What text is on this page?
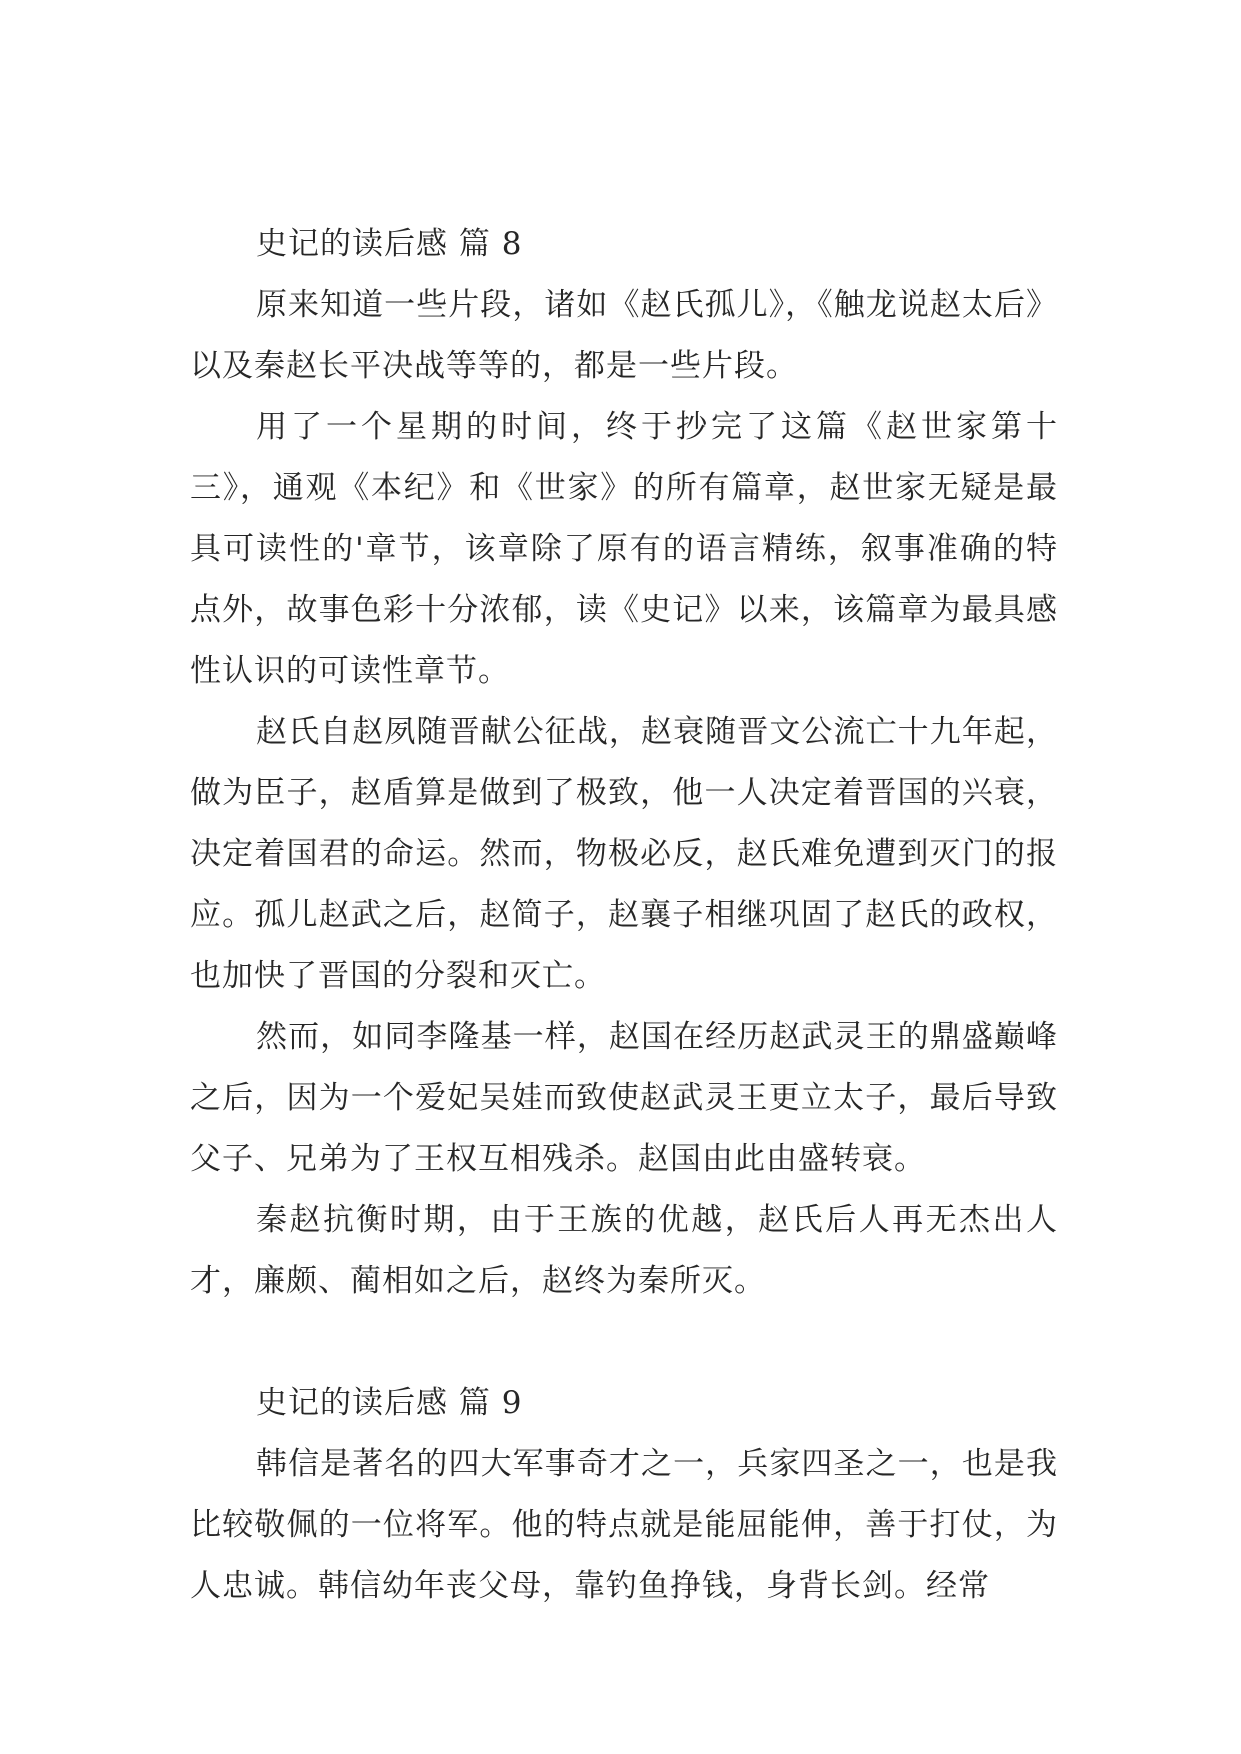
史记的读后感 篇 8

原来知道一些片段，诸如《赵氏孤儿》，《触龙说赵太后》以及秦赵长平决战等等的，都是一些片段。

用了一个星期的时间，终于抄完了这篇《赵世家第十三》，通观《本纪》和《世家》的所有篇章，赵世家无疑是最具可读性的'章节，该章除了原有的语言精练，叙事准确的特点外，故事色彩十分浓郁，读《史记》以来，该篇章为最具感性认识的可读性章节。

赵氏自赵夙随晋献公征战，赵衰随晋文公流亡十九年起，做为臣子，赵盾算是做到了极致，他一人决定着晋国的兴衰，决定着国君的命运。然而，物极必反，赵氏难免遭到灭门的报应。孤儿赵武之后，赵简子，赵襄子相继巩固了赵氏的政权，也加快了晋国的分裂和灭亡。

然而，如同李隆基一样，赵国在经历赵武灵王的鼎盛巅峰之后，因为一个爱妃吴娃而致使赵武灵王更立太子，最后导致父子、兄弟为了王权互相残杀。赵国由此由盛转衰。

秦赵抗衡时期，由于王族的优越，赵氏后人再无杰出人才，廉颇、蔺相如之后，赵终为秦所灭。

史记的读后感 篇 9

韩信是著名的四大军事奇才之一，兵家四圣之一，也是我比较敬佩的一位将军。他的特点就是能屈能伸，善于打仗，为人忠诚。韩信幼年丧父母，靠钓鱼挣钱，身背长剑。经常
